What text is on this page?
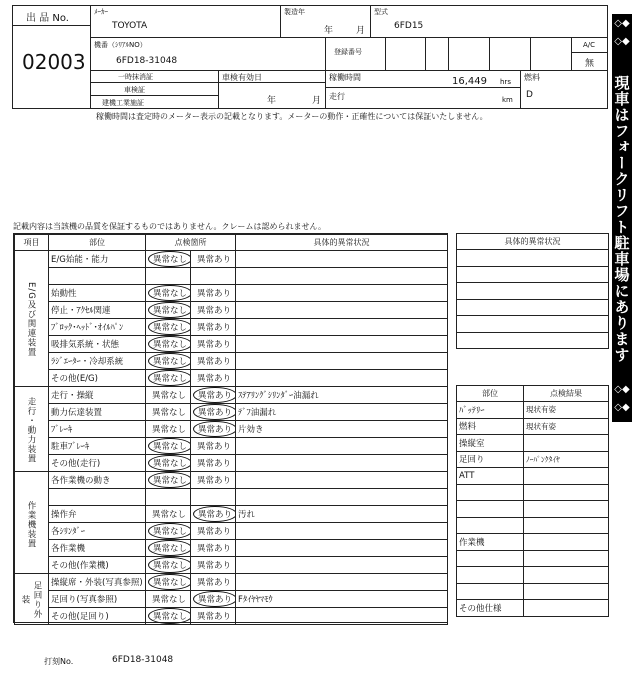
出 品 No.
02003
ﾒｰｶｰ
TOYOTA
製造年
年	月
型式
6FD15
機番（ｼﾘｱﾙNO）
6FD18-31048
登録番号
A/C
無
一時抹消証
車検証
建機工業施証
車検有効日
年	月
稼働時間	16,449 hrs
走行	km
燃料
D
稼働時間は査定時のメーター表示の記載となります。メーターの動作・正確性については保証いたしません。
記載内容は当該機の品質を保証するものではありません。クレームは認められません。
項目	部位	点検箇所		具体的異常状況
	E/G始能・能力	異常なし	異常あり	

	始動性	異常なし	異常あり	
	停止・ｱｸｾﾙ関連	異常なし	異常あり	
	ﾌﾞﾛｯｸ･ﾍｯﾄﾞ･ｵｲﾙﾊﾟﾝ	異常なし	異常あり	
	吸排気系統・状態	異常なし	異常あり	
	ﾗｼﾞｴｰﾀｰ・冷却系統	異常なし	異常あり	
	その他(E/G)	異常なし	異常あり	
	走行・操縦	異常なし	異常あり	ｽﾃｱﾘﾝｸﾞｼﾘﾝﾀﾞｰ油漏れ
	動力伝達装置	異常なし	異常あり	ﾃﾞﾌ油漏れ
	ﾌﾞﾚｰｷ	異常なし	異常あり	片効き
	駐車ﾌﾞﾚｰｷ	異常なし	異常あり	
	その他(走行)	異常なし	異常あり	
	各作業機の動き	異常なし	異常あり	

	操作弁	異常なし	異常あり	汚れ
	各ｼﾘﾝﾀﾞｰ	異常なし	異常あり	
	各作業機	異常なし	異常あり	
	その他(作業機)	異常なし	異常あり	
	操縦席・外装(写真参照)	異常なし	異常あり	
	足回り(写真参照)	異常なし	異常あり	Fﾀｲﾔﾔﾏﾓｳ
	その他(足回り)	異常なし	異常あり	
E/G及び関連装置
走行・動力装置
作業機装置
足回り外装
具体的異常状況

部位	点検結果
ﾊﾞｯﾃﾘｰ	現状有姿
燃料	現状有姿
操縦室	
足回り	ﾉｰﾊﾟﾝｸﾀｲﾔ
ATT	

作業機	

その他仕様	
◇◆
◇◆
現車はフォークリフト駐車場にあります
◇◆
◇◆
打刻No.	6FD18-31048
